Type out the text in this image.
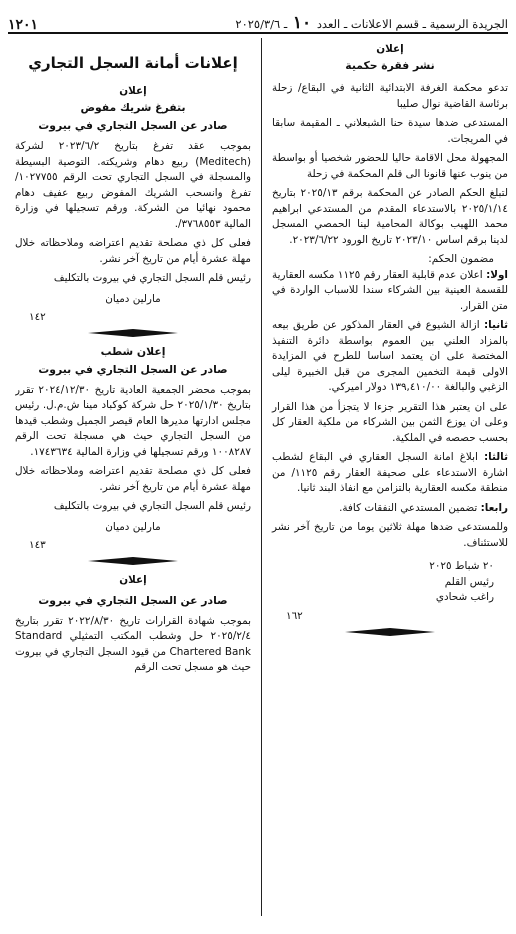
الجريدة الرسمية ـ قسم الاعلانات ـ العدد ١٠ ـ ٢٠٢٥/٣/٦
١٢٠١
إعلان
نشر فقرة حكمية

تدعو محكمة الغرفة الابتدائية الثانية في البقاع/ زحلة برئاسة القاضية نوال صليبا

المستدعى ضدها سيدة حنا الشبعلاني ـ المقيمة سابقا في المريجات.

المجهولة محل الاقامة حاليا للحضور شخصيا أو بواسطة من ينوب عنها قانونا الى قلم المحكمة في زحلة

لتبلغ الحكم الصادر عن المحكمة برقم ٢٠٢٥/١٣ بتاريخ ٢٠٢٥/١/١٤ بالاستدعاء المقدم من المستدعي ابراهيم محمد اللهيب بوكالة المحامية لينا الحمصي المسجل لدينا برقم اساس ٢٠٢٣/١٠ تاريخ الورود ٢٠٢٣/٦/٢٢.

مضمون الحكم:

اولا: اعلان عدم قابلية العقار رقم ١١٢٥ مكسه العقارية للقسمة العينية بين الشركاء سندا للاسباب الواردة في متن القرار.

ثانيا: ازالة الشيوع في العقار المذكور عن طريق بيعه بالمزاد العلني بين العموم بواسطة دائرة التنفيذ المختصة على ان يعتمد اساسا للطرح في المزايدة الاولى قيمة التخمين المجرى من قبل الخبيرة ليلى الزغبي والبالغة ١٣٩,٤١٠/٠٠ دولار اميركي.

على ان يعتبر هذا التقرير جزءا لا يتجزأ من هذا القرار وعلى ان يوزع الثمن بين الشركاء من ملكية العقار كل بحسب حصصه في الملكية.

ثالثا: ابلاغ امانة السجل العقاري في البقاع لشطب اشارة الاستدعاء على صحيفة العقار رقم ١١٢٥/ من منطقة مكسه العقارية بالتزامن مع انفاذ البند ثانيا.

رابعا: تضمين المستدعي النفقات كافة.

وللمستدعى ضدها مهلة ثلاثين يوما من تاريخ آخر نشر للاستئناف.

٢٠ شباط ٢٠٢٥

رئيس القلم

راغب شحادي

١٦٢
إعلانات أمانة السجل التجاري
إعلان
بتفرغ شريك مفوض
صادر عن السجل التجاري في بيروت

بموجب عقد تفرغ بتاريخ ٢٠٢٣/٦/٢ لشركة (Meditech) ربيع دهام وشريكته. التوصية البسيطة والمسجلة في السجل التجاري تحت الرقم ١٠٢٧٧٥٥/ تفرغ وانسحب الشريك المفوض ربيع عفيف دهام محمود نهائيا من الشركة. ورقم تسجيلها في وزارة المالية ٣٧٦٨٥٥٣/.

فعلى كل ذي مصلحة تقديم اعتراضه وملاحظاته خلال مهلة عشرة أيام من تاريخ آخر نشر.

رئيس قلم السجل التجاري في بيروت بالتكليف

مارلين دميان
١٤٢
إعلان شطب
صادر عن السجل التجاري في بيروت

بموجب محضر الجمعية العادية تاريخ ٢٠٢٤/١٢/٣٠ تقرر بتاريخ ٢٠٢٥/١/٣٠ حل شركة كوكباد مينا ش.م.ل. رئيس مجلس ادارتها مديرها العام قيصر الجميل وشطب قيدها من السجل التجاري حيث هي مسجلة تحت الرقم ١٠٠٨٢٨٧ ورقم تسجيلها في وزارة المالية ١٧٤٣٦٣٤.

فعلى كل ذي مصلحة تقديم اعتراضه وملاحظاته خلال مهلة عشرة أيام من تاريخ آخر نشر.

رئيس قلم السجل التجاري في بيروت بالتكليف

مارلين دميان
١٤٣
إعلان
صادر عن السجل التجاري في بيروت

بموجب شهادة القرارات تاريخ ٢٠٢٢/٨/٣٠ تقرر بتاريخ ٢٠٢٥/٢/٤ حل وشطب المكتب التمثيلي Standard Chartered Bank من قيود السجل التجاري في بيروت حيث هو مسجل تحت الرقم
